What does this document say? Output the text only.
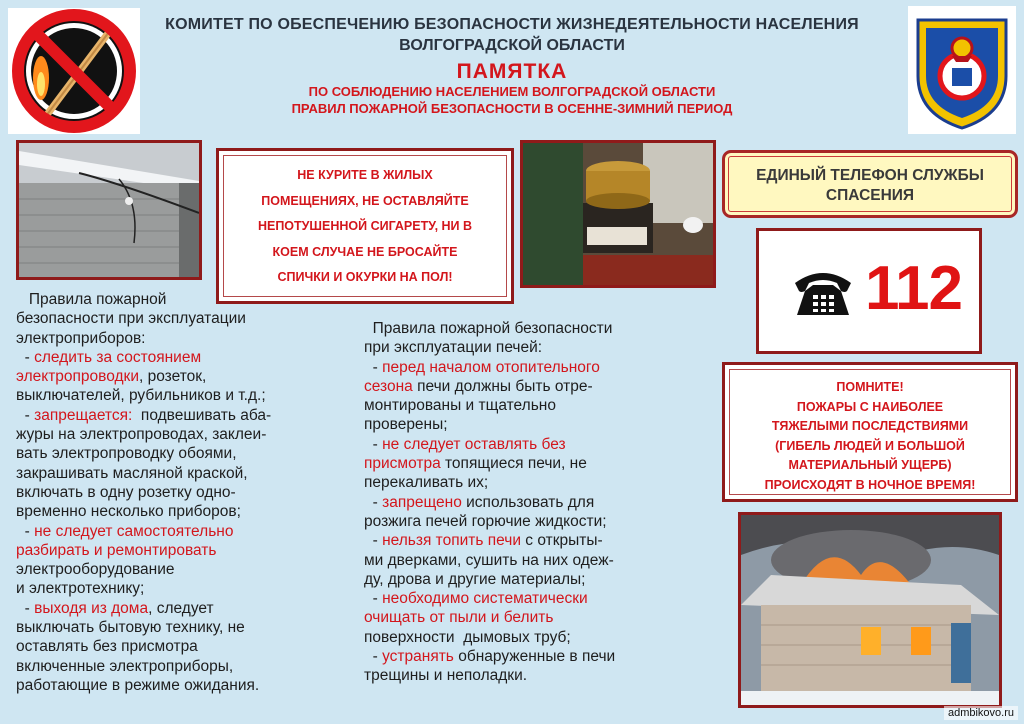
КОМИТЕТ ПО ОБЕСПЕЧЕНИЮ БЕЗОПАСНОСТИ ЖИЗНЕДЕЯТЕЛЬНОСТИ НАСЕЛЕНИЯ
ВОЛГОГРАДСКОЙ ОБЛАСТИ
ПАМЯТКА
ПО СОБЛЮДЕНИЮ НАСЕЛЕНИЕМ ВОЛГОГРАДСКОЙ ОБЛАСТИ
ПРАВИЛ ПОЖАРНОЙ БЕЗОПАСНОСТИ В ОСЕННЕ-ЗИМНИЙ ПЕРИОД

НЕ КУРИТЕ В ЖИЛЫХ
ПОМЕЩЕНИЯХ, НЕ ОСТАВЛЯЙТЕ
НЕПОТУШЕННОЙ СИГАРЕТУ, НИ В
КОЕМ СЛУЧАЕ НЕ БРОСАЙТЕ
СПИЧКИ И ОКУРКИ НА ПОЛ!

ЕДИНЫЙ ТЕЛЕФОН СЛУЖБЫ
СПАСЕНИЯ

112

ПОМНИТЕ!
ПОЖАРЫ С НАИБОЛЕЕ
ТЯЖЕЛЫМИ ПОСЛЕДСТВИЯМИ
(ГИБЕЛЬ ЛЮДЕЙ И БОЛЬШОЙ
МАТЕРИАЛЬНЫЙ УЩЕРБ)
ПРОИСХОДЯТ В НОЧНОЕ ВРЕМЯ!

Правила пожарной
безопасности при эксплуатации
электроприборов:
- следить за состоянием
электропроводки, розеток,
выключателей, рубильников и т.д.;
- запрещается:  подвешивать аба-
журы на электропроводах, заклеи-
вать электропроводку обоями,
закрашивать масляной краской,
включать в одну розетку одно-
временно несколько приборов;
- не следует самостоятельно
разбирать и ремонтировать
электрооборудование
и электротехнику;
- выходя из дома, следует
выключать бытовую технику, не
оставлять без присмотра
включенные электроприборы,
работающие в режиме ожидания.
Правила пожарной безопасности
при эксплуатации печей:
- перед началом отопительного
сезона печи должны быть отре-
монтированы и тщательно
проверены;
- не следует оставлять без
присмотра топящиеся печи, не
перекаливать их;
- запрещено использовать для
розжига печей горючие жидкости;
- нельзя топить печи с открыты-
ми дверками, сушить на них одеж-
ду, дрова и другие материалы;
- необходимо систематически
очищать от пыли и белить
поверхности  дымовых труб;
- устранять обнаруженные в печи
трещины и неполадки.
admbikovo.ru
